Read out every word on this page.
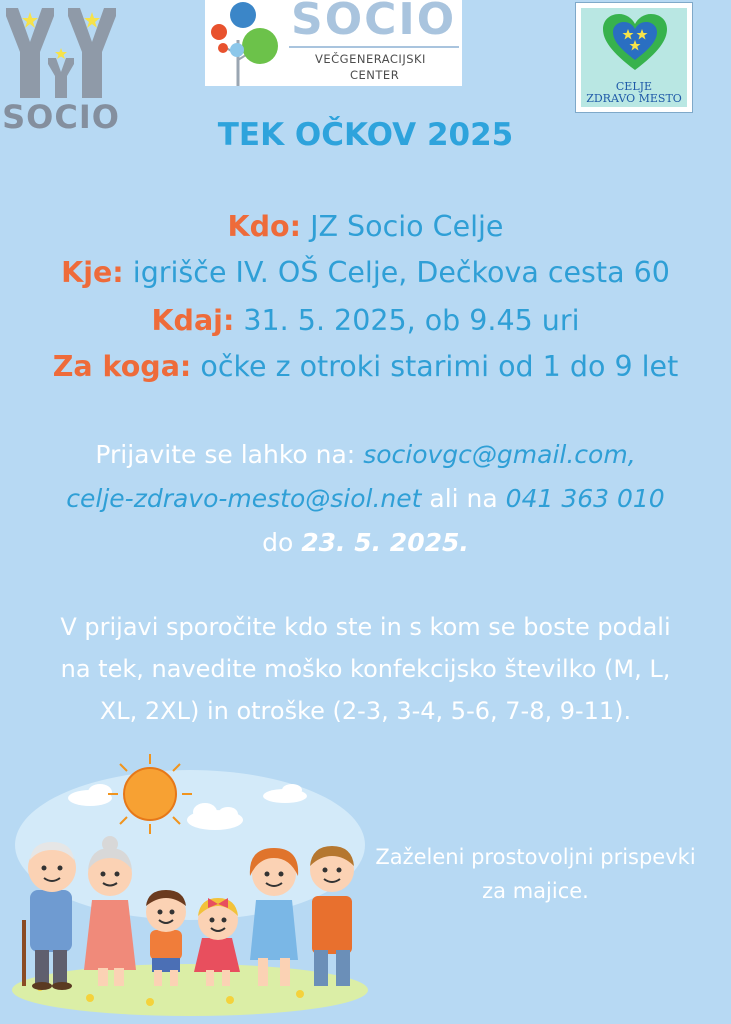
SOCIO
SOCIO
VEČGENERACIJSKI
CENTER
CELJE
ZDRAVO MESTO
TEK OČKOV 2025
Kdo: JZ Socio Celje
Kje: igrišče IV. OŠ Celje, Dečkova cesta 60
Kdaj: 31. 5. 2025, ob 9.45 uri
Za koga: očke z otroki starimi od 1 do 9 let
Prijavite se lahko na: sociovgc@gmail.com,
celje-zdravo-mesto@siol.net ali na 041 363 010
do 23. 5. 2025.
V prijavi sporočite kdo ste in s kom se boste podali
na tek, navedite moško konfekcijsko številko (M, L,
XL, 2XL) in otroške (2-3, 3-4, 5-6, 7-8, 9-11).
Zaželeni prostovoljni prispevki
za majice.
